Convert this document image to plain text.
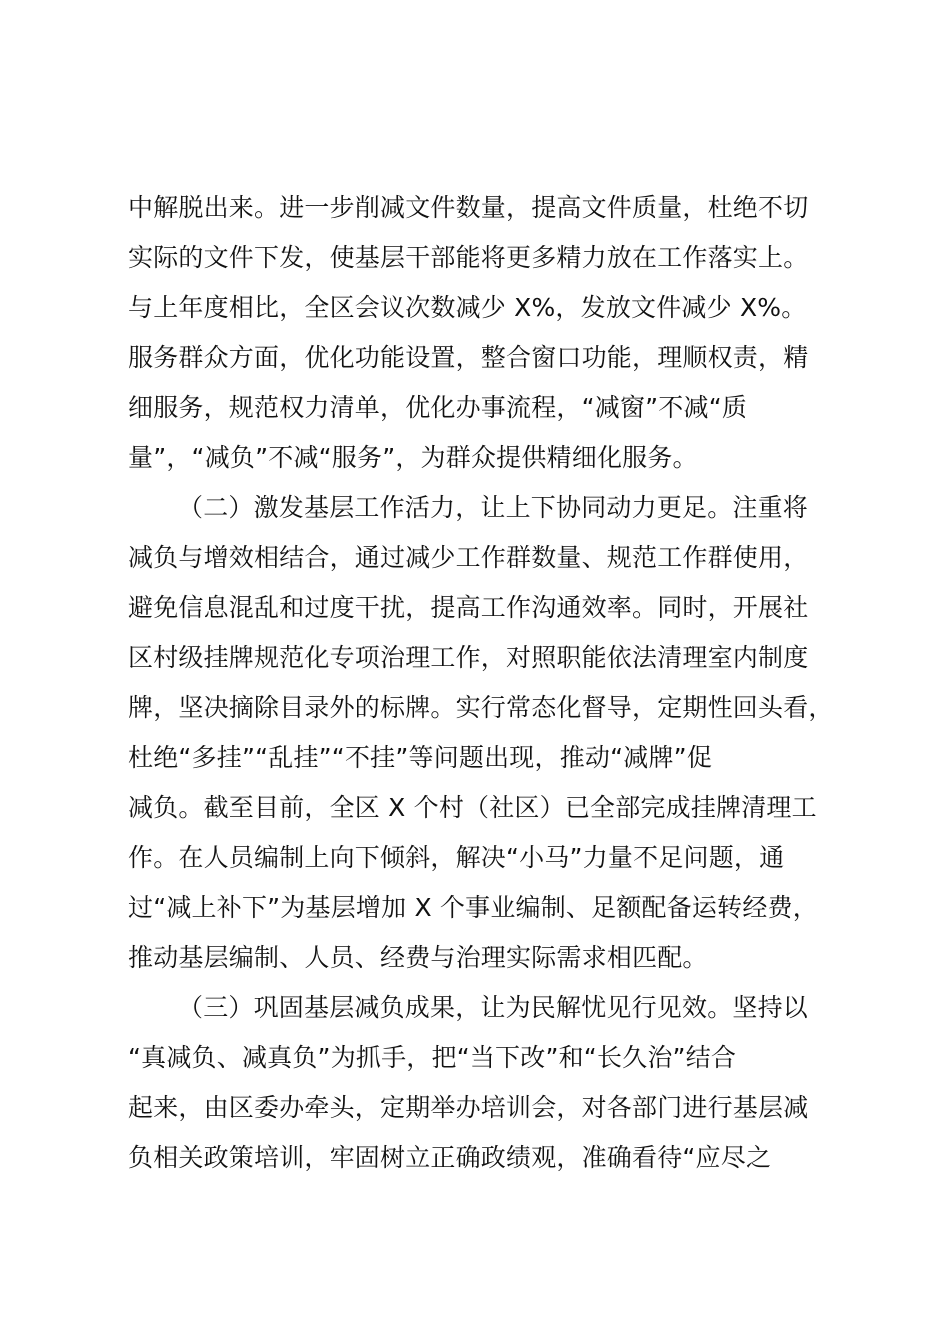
中解脱出来。进一步削减文件数量，提高文件质量，杜绝不切
实际的文件下发，使基层干部能将更多精力放在工作落实上。
与上年度相比，全区会议次数减少 X%，发放文件减少 X%。
服务群众方面，优化功能设置，整合窗口功能，理顺权责，精
细服务，规范权力清单，优化办事流程，“减窗”不减“质
量”，“减负”不减“服务”，为群众提供精细化服务。
（二）激发基层工作活力，让上下协同动力更足。注重将
减负与增效相结合，通过减少工作群数量、规范工作群使用，
避免信息混乱和过度干扰，提高工作沟通效率。同时，开展社
区村级挂牌规范化专项治理工作，对照职能依法清理室内制度
牌，坚决摘除目录外的标牌。实行常态化督导，定期性回头看，
杜绝“多挂”“乱挂”“不挂”等问题出现，推动“减牌”促
减负。截至目前，全区 X 个村（社区）已全部完成挂牌清理工
作。在人员编制上向下倾斜，解决“小马”力量不足问题，通
过“减上补下”为基层增加 X 个事业编制、足额配备运转经费，
推动基层编制、人员、经费与治理实际需求相匹配。
（三）巩固基层减负成果，让为民解忧见行见效。坚持以
“真减负、减真负”为抓手，把“当下改”和“长久治”结合
起来，由区委办牵头，定期举办培训会，对各部门进行基层减
负相关政策培训，牢固树立正确政绩观，准确看待“应尽之
